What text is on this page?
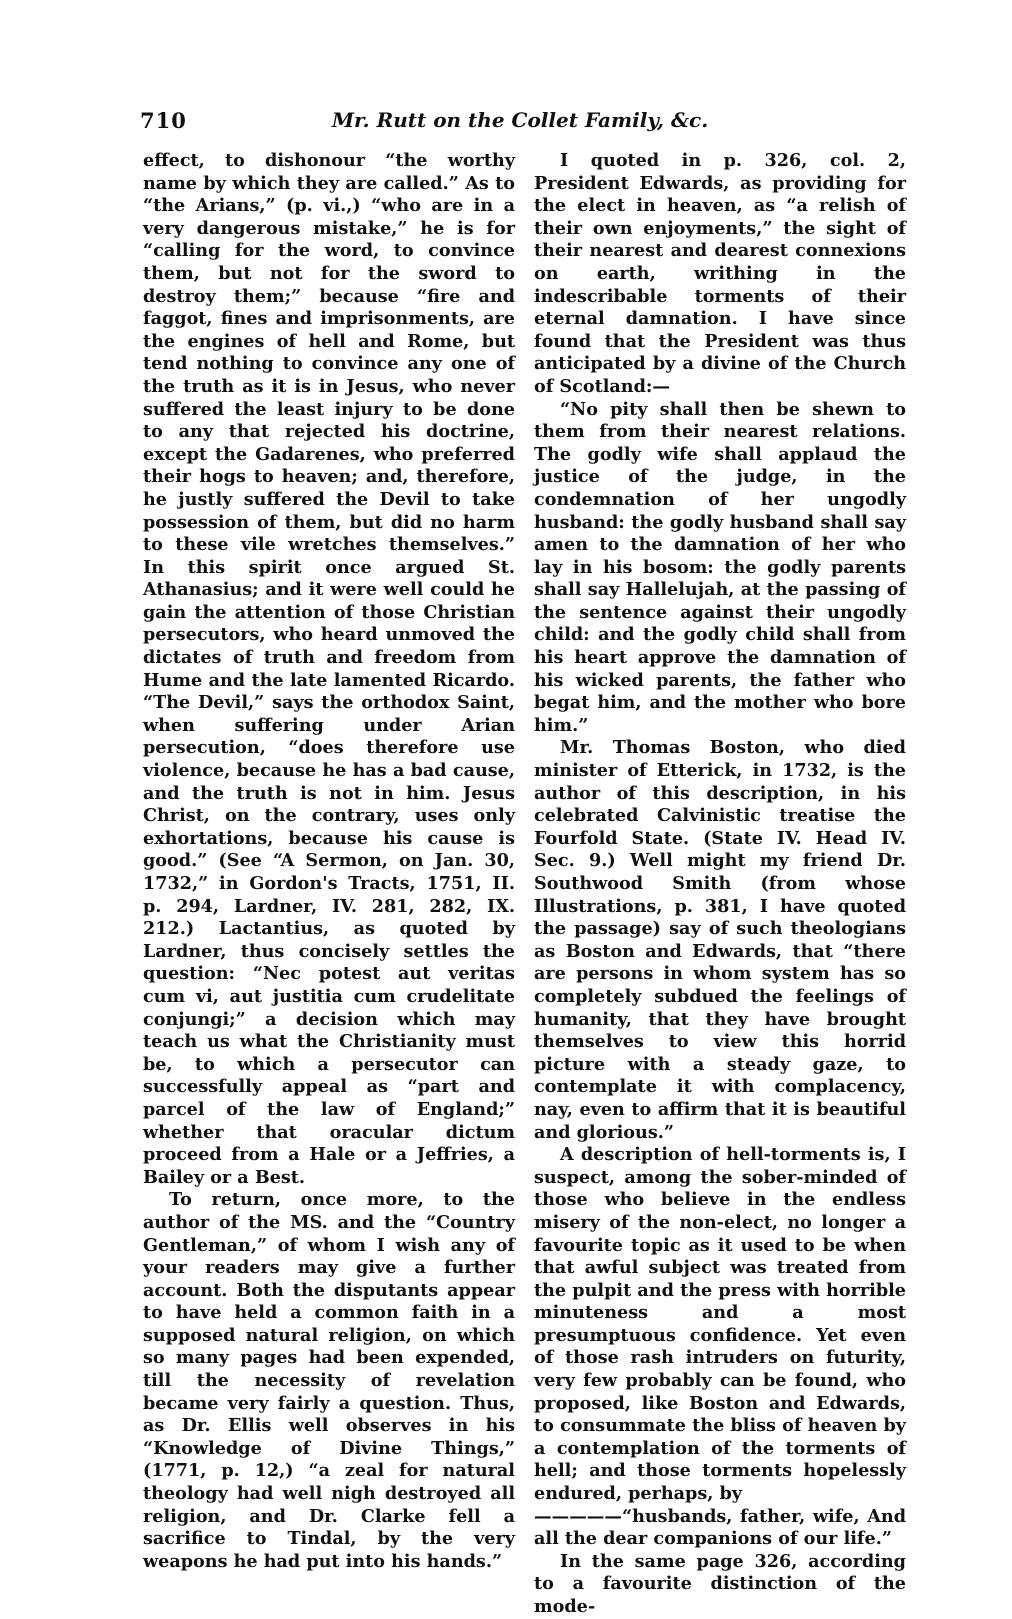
710	Mr. Rutt on the Collet Family, &c.

effect, to dishonour “the worthy name by which they are called.” As to “the Arians,” (p. vi.,) “who are in a very dangerous mistake,” he is for “calling for the word, to convince them, but not for the sword to destroy them;” because “fire and faggot, fines and imprisonments, are the engines of hell and Rome, but tend nothing to convince any one of the truth as it is in Jesus, who never suffered the least injury to be done to any that rejected his doctrine, except the Gadarenes, who preferred their hogs to heaven; and, therefore, he justly suffered the Devil to take possession of them, but did no harm to these vile wretches themselves.” In this spirit once argued St. Athanasius; and it were well could he gain the attention of those Christian persecutors, who heard unmoved the dictates of truth and freedom from Hume and the late lamented Ricardo. “The Devil,” says the orthodox Saint, when suffering under Arian persecution, “does therefore use violence, because he has a bad cause, and the truth is not in him. Jesus Christ, on the contrary, uses only exhortations, because his cause is good.” (See “A Sermon, on Jan. 30, 1732,” in Gordon's Tracts, 1751, II. p. 294, Lardner, IV. 281, 282, IX. 212.) Lactantius, as quoted by Lardner, thus concisely settles the question: “Nec potest aut veritas cum vi, aut justitia cum crudelitate conjungi;” a decision which may teach us what the Christianity must be, to which a persecutor can successfully appeal as “part and parcel of the law of England;” whether that oracular dictum proceed from a Hale or a Jeffries, a Bailey or a Best.

To return, once more, to the author of the MS. and the “Country Gentleman,” of whom I wish any of your readers may give a further account. Both the disputants appear to have held a common faith in a supposed natural religion, on which so many pages had been expended, till the necessity of revelation became very fairly a question. Thus, as Dr. Ellis well observes in his “Knowledge of Divine Things,” (1771, p. 12,) “a zeal for natural theology had well nigh destroyed all religion, and Dr. Clarke fell a sacrifice to Tindal, by the very weapons he had put into his hands.”

I quoted in p. 326, col. 2, President Edwards, as providing for the elect in heaven, as “a relish of their own enjoyments,” the sight of their nearest and dearest connexions on earth, writhing in the indescribable torments of their eternal damnation. I have since found that the President was thus anticipated by a divine of the Church of Scotland:—

“No pity shall then be shewn to them from their nearest relations. The godly wife shall applaud the justice of the judge, in the condemnation of her ungodly husband: the godly husband shall say amen to the damnation of her who lay in his bosom: the godly parents shall say Hallelujah, at the passing of the sentence against their ungodly child: and the godly child shall from his heart approve the damnation of his wicked parents, the father who begat him, and the mother who bore him.”

Mr. Thomas Boston, who died minister of Etterick, in 1732, is the author of this description, in his celebrated Calvinistic treatise the Fourfold State. (State IV. Head IV. Sec. 9.) Well might my friend Dr. Southwood Smith (from whose Illustrations, p. 381, I have quoted the passage) say of such theologians as Boston and Edwards, that “there are persons in whom system has so completely subdued the feelings of humanity, that they have brought themselves to view this horrid picture with a steady gaze, to contemplate it with complacency, nay, even to affirm that it is beautiful and glorious.”

A description of hell-torments is, I suspect, among the sober-minded of those who believe in the endless misery of the non-elect, no longer a favourite topic as it used to be when that awful subject was treated from the pulpit and the press with horrible minuteness and a most presumptuous confidence. Yet even of those rash intruders on futurity, very few probably can be found, who proposed, like Boston and Edwards, to consummate the bliss of heaven by a contemplation of the torments of hell; and those torments hopelessly endured, perhaps, by

—————“husbands, father, wife, And all the dear companions of our life.”

In the same page 326, according to a favourite distinction of the mode-
